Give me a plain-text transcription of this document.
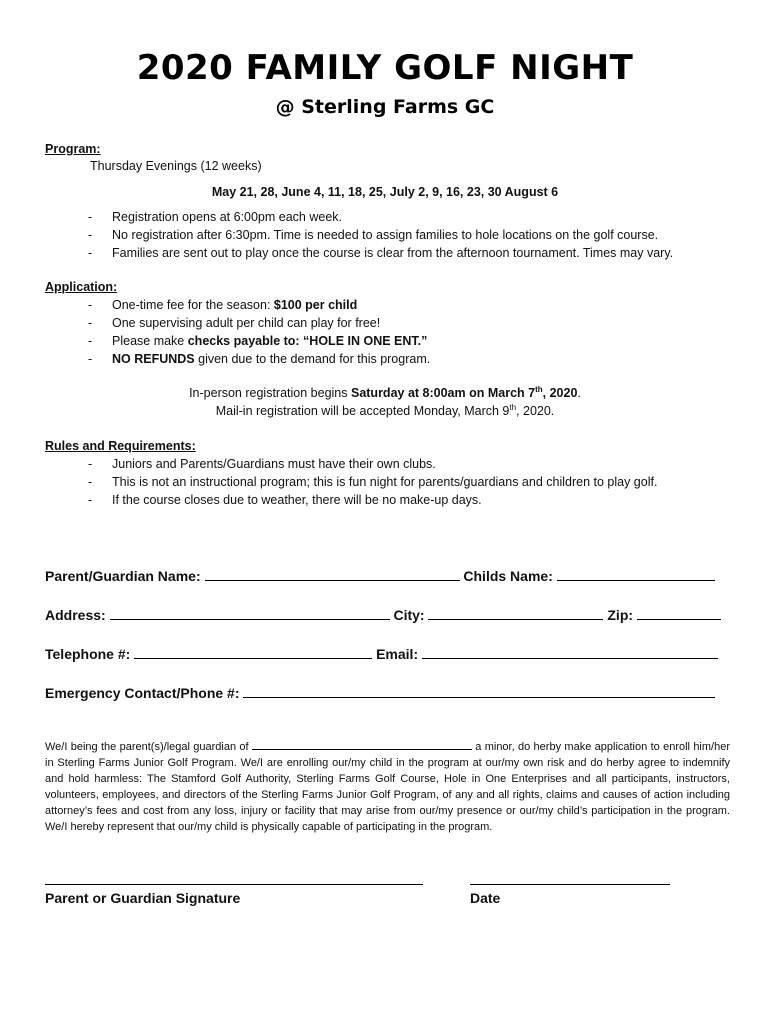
2020 FAMILY GOLF NIGHT
@ Sterling Farms GC
Program:
Thursday Evenings (12 weeks)
May 21, 28, June 4, 11, 18, 25, July 2, 9, 16, 23, 30 August 6
- Registration opens at 6:00pm each week.
- No registration after 6:30pm. Time is needed to assign families to hole locations on the golf course.
- Families are sent out to play once the course is clear from the afternoon tournament. Times may vary.
Application:
- One-time fee for the season: $100 per child
- One supervising adult per child can play for free!
- Please make checks payable to: “HOLE IN ONE ENT.”
- NO REFUNDS given due to the demand for this program.
In-person registration begins Saturday at 8:00am on March 7th, 2020.
Mail-in registration will be accepted Monday, March 9th, 2020.
Rules and Requirements:
- Juniors and Parents/Guardians must have their own clubs.
- This is not an instructional program; this is fun night for parents/guardians and children to play golf.
- If the course closes due to weather, there will be no make-up days.
Parent/Guardian Name:	Childs Name:
Address:	City:	Zip:
Telephone #:	Email:
Emergency Contact/Phone #:
We/I being the parent(s)/legal guardian of	a minor, do herby make application to enroll him/her in Sterling Farms Junior Golf Program. We/I are enrolling our/my child in the program at our/my own risk and do herby agree to indemnify and hold harmless: The Stamford Golf Authority, Sterling Farms Golf Course, Hole in One Enterprises and all participants, instructors, volunteers, employees, and directors of the Sterling Farms Junior Golf Program, of any and all rights, claims and causes of action including attorney’s fees and cost from any loss, injury or facility that may arise from our/my presence or our/my child’s participation in the program. We/I hereby represent that our/my child is physically capable of participating in the program.
Parent or Guardian Signature	Date
